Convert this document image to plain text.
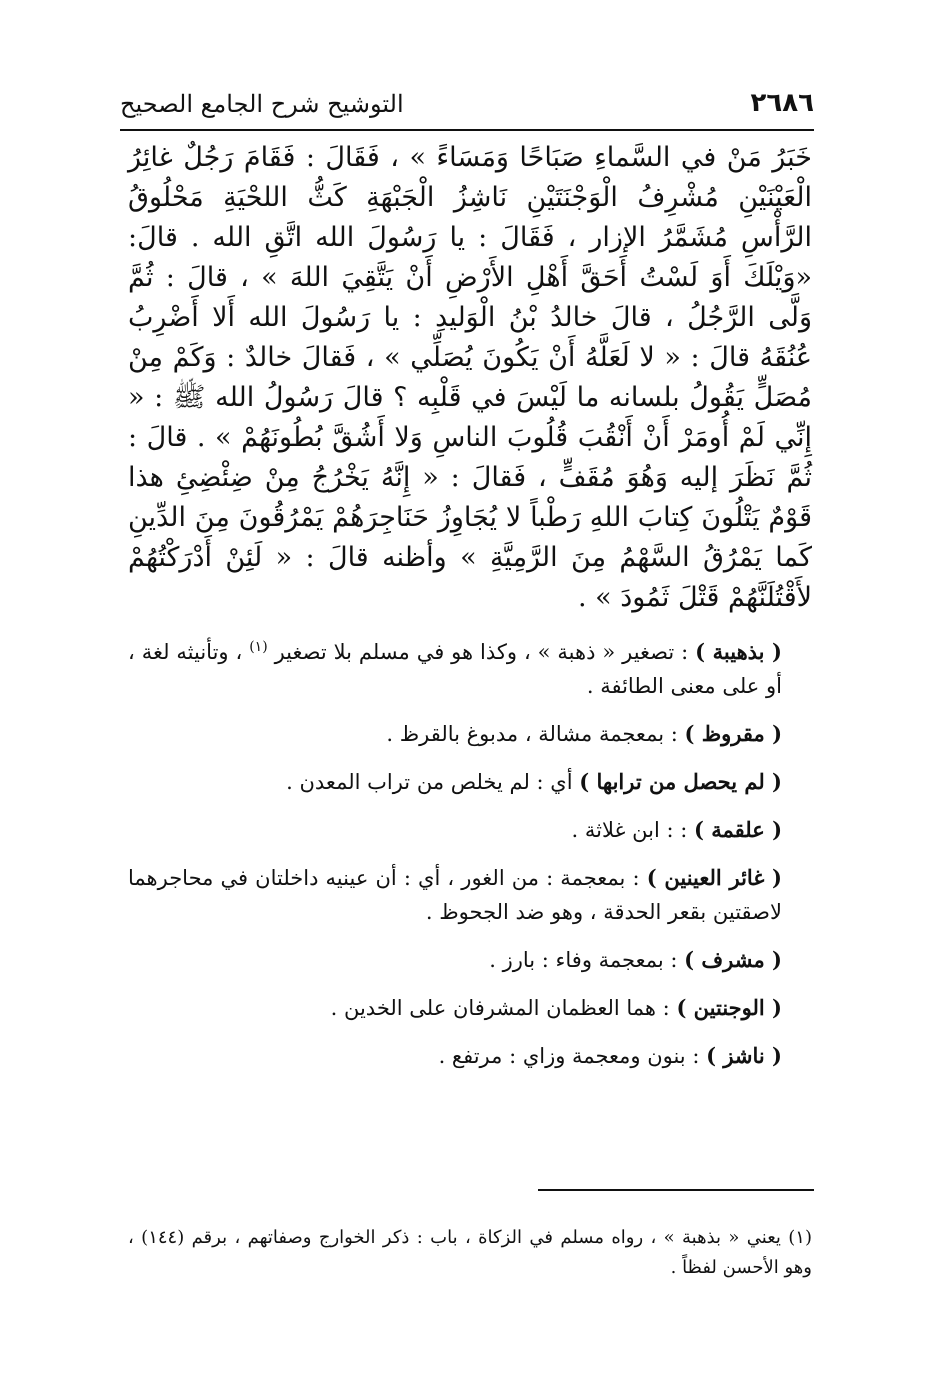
٢٦٨٦
التوشيح شرح الجامع الصحيح

خَبَرُ مَنْ في السَّماءِ صَبَاحًا وَمَسَاءً » ، فَقَالَ : فَقَامَ رَجُلٌ غائِرُ الْعَيْنَيْنِ مُشْرِفُ الْوَجْنَتَيْنِ نَاشِزُ الْجَبْهَةِ كَثُّ اللحْيَةِ مَحْلُوقُ الرَّأْسِ مُشَمَّرُ الإزار ، فَقَالَ : يا رَسُولَ الله اتَّقِ الله . قالَ: «وَيْلَكَ أَوَ لَسْتُ أَحَقَّ أَهْلِ الأَرْضِ أَنْ يَتَّقِيَ اللهَ » ، قالَ : ثُمَّ وَلَّى الرَّجُلُ ، قالَ خالدُ بْنُ الْوَليدِ : يا رَسُولَ الله أَلا أَضْرِبُ عُنُقَهُ قالَ : « لا لَعَلَّهُ أَنْ يَكُونَ يُصَلِّي » ، فَقالَ خالدٌ : وَكَمْ مِنْ مُصَلٍّ يَقُولُ بلسانه ما لَيْسَ في قَلْبِه ؟ قالَ رَسُولُ الله ﷺ : « إِنِّي لَمْ أُومَرْ أَنْ أَنْقُبَ قُلُوبَ الناسِ وَلا أَشُقَّ بُطُونَهُمْ » . قالَ : ثُمَّ نَظَرَ إليه وَهُوَ مُقَفٍّ ، فَقالَ : « إِنَّهُ يَخْرُجُ مِنْ ضِئْضِئِ هذا قَوْمٌ يَتْلُونَ كِتابَ اللهِ رَطْباً لا يُجَاوِزُ حَنَاجِرَهُمْ يَمْرُقُونَ مِنَ الدِّينِ كَما يَمْرُقُ السَّهْمُ مِنَ الرَّمِيَّةِ » وأظنه قالَ : « لَئِنْ أَدْرَكْتُهُمْ لأَقْتُلَنَّهُمْ قَتْلَ ثَمُودَ » .

( بذهيبة ) : تصغير « ذهبة » ، وكذا هو في مسلم بلا تصغير $^{(١)}$ ، وتأنيثه لغة ، أو على معنى الطائفة .

( مقروظ ) : بمعجمة مشالة ، مدبوغ بالقرظ .

( لم يحصل من ترابها ) أي : لم يخلص من تراب المعدن .

( علقمة ) : : ابن غلاثة .

( غائر العينين ) : بمعجمة : من الغور ، أي : أن عينيه داخلتان في محاجرهما لاصقتين بقعر الحدقة ، وهو ضد الجحوظ .

( مشرف ) : بمعجمة وفاء : بارز .

( الوجنتين ) : هما العظمان المشرفان على الخدين .

( ناشز ) : بنون ومعجمة وزاي : مرتفع .

(١) يعني « بذهبة » ، رواه مسلم في الزكاة ، باب : ذكر الخوارج وصفاتهم ، برقم (١٤٤) ، وهو الأحسن لفظاً .
